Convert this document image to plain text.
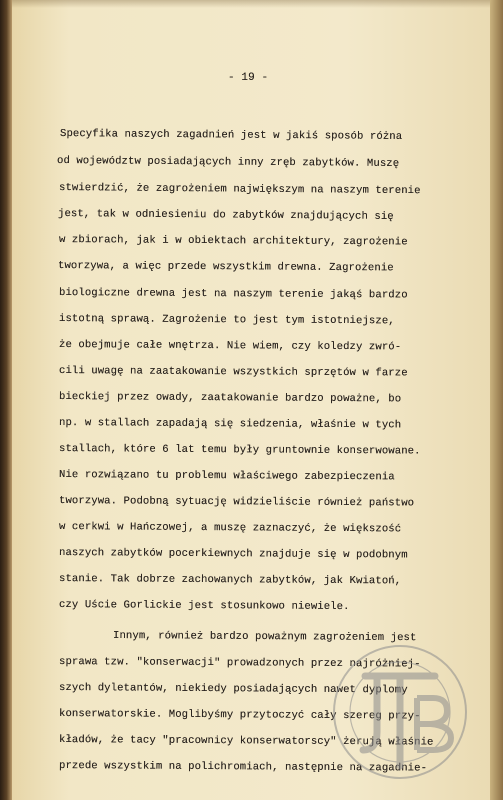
- 19 -
Specyfika naszych zagadnień jest w jakiś sposób różna
od województw posiadających inny zręb zabytków. Muszę
stwierdzić, że zagrożeniem największym na naszym terenie
jest, tak w odniesieniu do zabytków znajdujących się
w zbiorach, jak i w obiektach architektury, zagrożenie
tworzywa, a więc przede wszystkim drewna. Zagrożenie
biologiczne drewna jest na naszym terenie jakąś bardzo
istotną sprawą. Zagrożenie to jest tym istotniejsze,
że obejmuje całe wnętrza. Nie wiem, czy koledzy zwró-
cili uwagę na zaatakowanie wszystkich sprzętów w farze
bieckiej przez owady, zaatakowanie bardzo poważne, bo
np. w stallach zapadają się siedzenia, właśnie w tych
stallach, które 6 lat temu były gruntownie konserwowane.
Nie rozwiązano tu problemu właściwego zabezpieczenia
tworzywa. Podobną sytuację widzieliście również państwo
w cerkwi w Hańczowej, a muszę zaznaczyć, że większość
naszych zabytków pocerkiewnych znajduje się w podobnym
stanie. Tak dobrze zachowanych zabytków, jak Kwiatoń,
czy Uście Gorlickie jest stosunkowo niewiele.
Innym, również bardzo poważnym zagrożeniem jest
sprawa tzw. "konserwacji" prowadzonych przez najróżniej-
szych dyletantów, niekiedy posiadających nawet dyplomy
konserwatorskie. Moglibyśmy przytoczyć cały szereg przy-
kładów, że tacy "pracownicy konserwatorscy" żerują właśnie
przede wszystkim na polichromiach, następnie na zagadnie-
